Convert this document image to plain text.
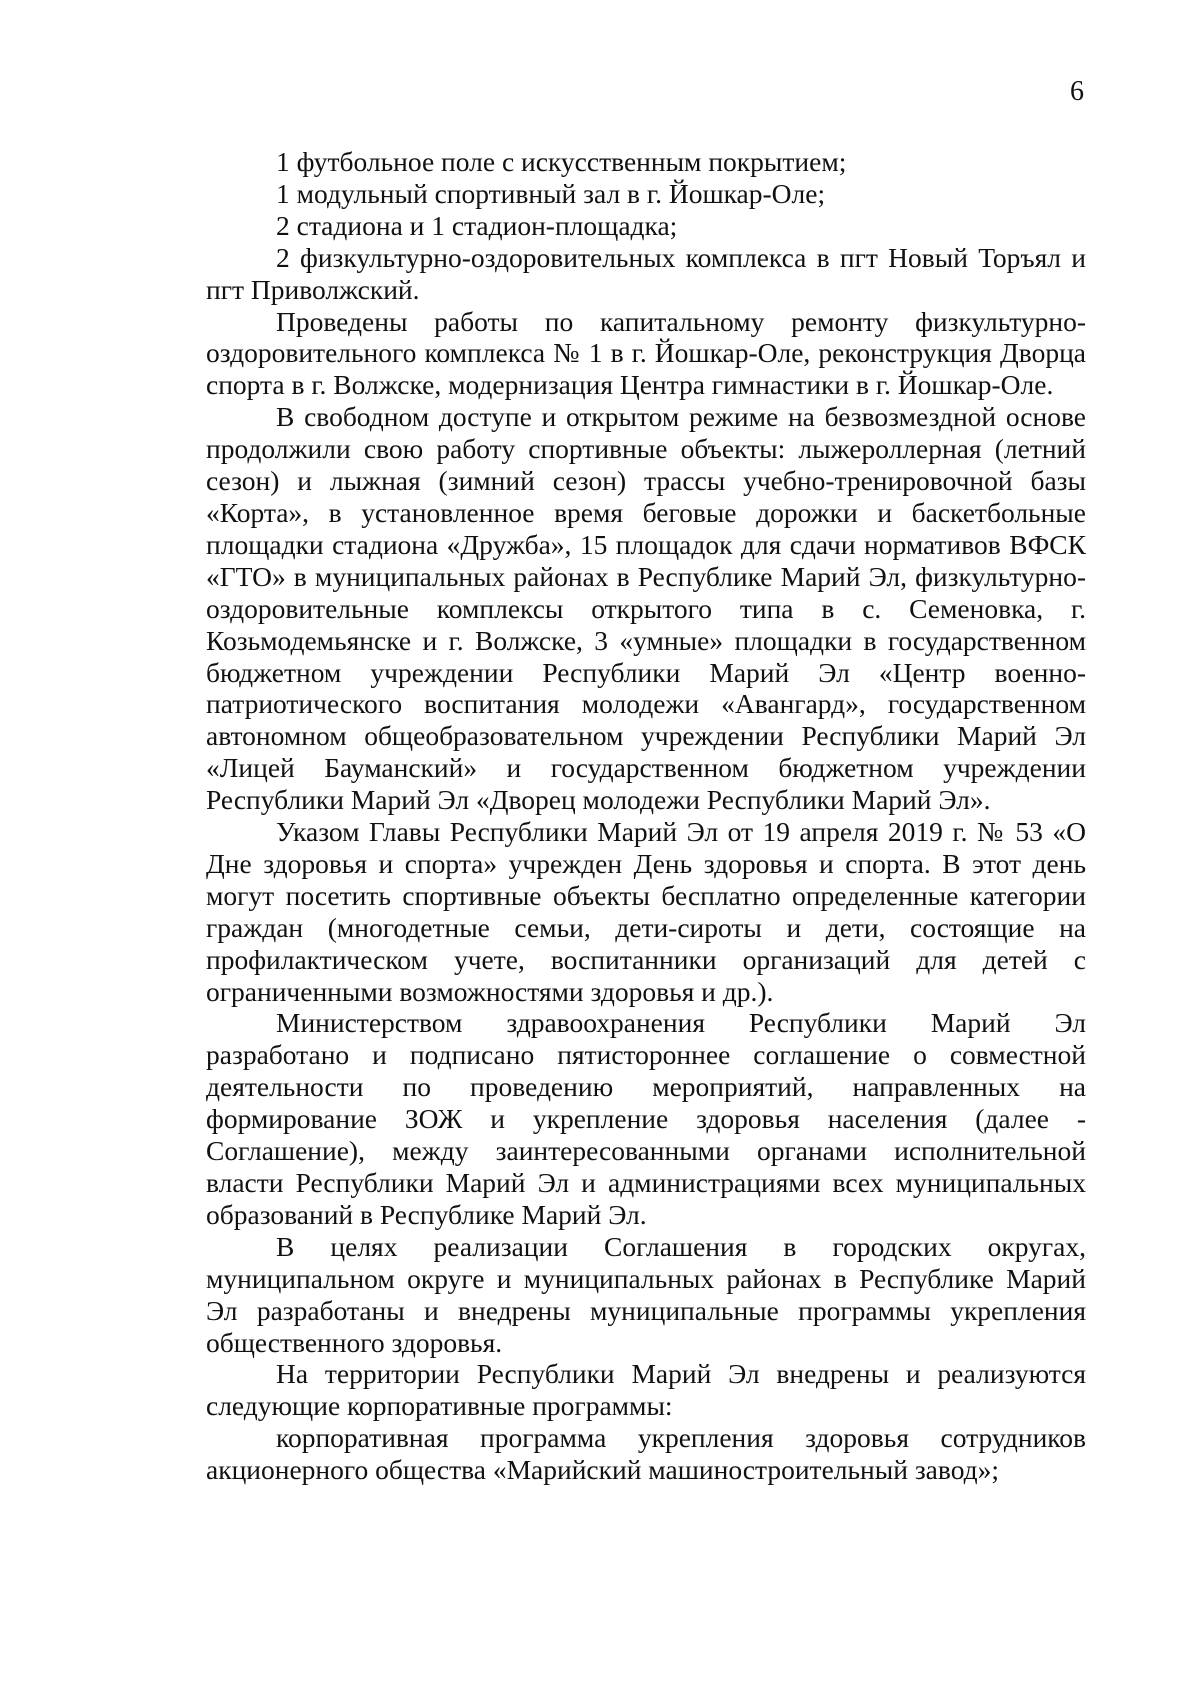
6

1 футбольное поле с искусственным покрытием;

1 модульный спортивный зал в г. Йошкар-Оле;

2 стадиона и 1 стадион-площадка;

2 физкультурно-оздоровительных комплекса в пгт Новый Торъял и пгт Приволжский.

Проведены работы по капитальному ремонту физкультурно-оздоровительного комплекса № 1 в г. Йошкар-Оле, реконструкция Дворца спорта в г. Волжске, модернизация Центра гимнастики в г. Йошкар-Оле.

В свободном доступе и открытом режиме на безвозмездной основе продолжили свою работу спортивные объекты: лыжероллерная (летний сезон) и лыжная (зимний сезон) трассы учебно-тренировочной базы «Корта», в установленное время беговые дорожки и баскетбольные площадки стадиона «Дружба», 15 площадок для сдачи нормативов ВФСК «ГТО» в муниципальных районах в Республике Марий Эл, физкультурно-оздоровительные комплексы открытого типа в с. Семеновка, г. Козьмодемьянске и г. Волжске, 3 «умные» площадки в государственном бюджетном учреждении Республики Марий Эл «Центр военно-патриотического воспитания молодежи «Авангард», государственном автономном общеобразовательном учреждении Республики Марий Эл «Лицей Бауманский» и государственном бюджетном учреждении Республики Марий Эл «Дворец молодежи Республики Марий Эл».

Указом Главы Республики Марий Эл от 19 апреля 2019 г. № 53 «О Дне здоровья и спорта» учрежден День здоровья и спорта. В этот день могут посетить спортивные объекты бесплатно определенные категории граждан (многодетные семьи, дети-сироты и дети, состоящие на профилактическом учете, воспитанники организаций для детей с ограниченными возможностями здоровья и др.).

Министерством здравоохранения Республики Марий Эл разработано и подписано пятистороннее соглашение о совместной деятельности по проведению мероприятий, направленных на формирование ЗОЖ и укрепление здоровья населения (далее - Соглашение), между заинтересованными органами исполнительной власти Республики Марий Эл и администрациями всех муниципальных образований в Республике Марий Эл.

В целях реализации Соглашения в городских округах, муниципальном округе и муниципальных районах в Республике Марий Эл разработаны и внедрены муниципальные программы укрепления общественного здоровья.

На территории Республики Марий Эл внедрены и реализуются следующие корпоративные программы:

корпоративная программа укрепления здоровья сотрудников акционерного общества «Марийский машиностроительный завод»;
